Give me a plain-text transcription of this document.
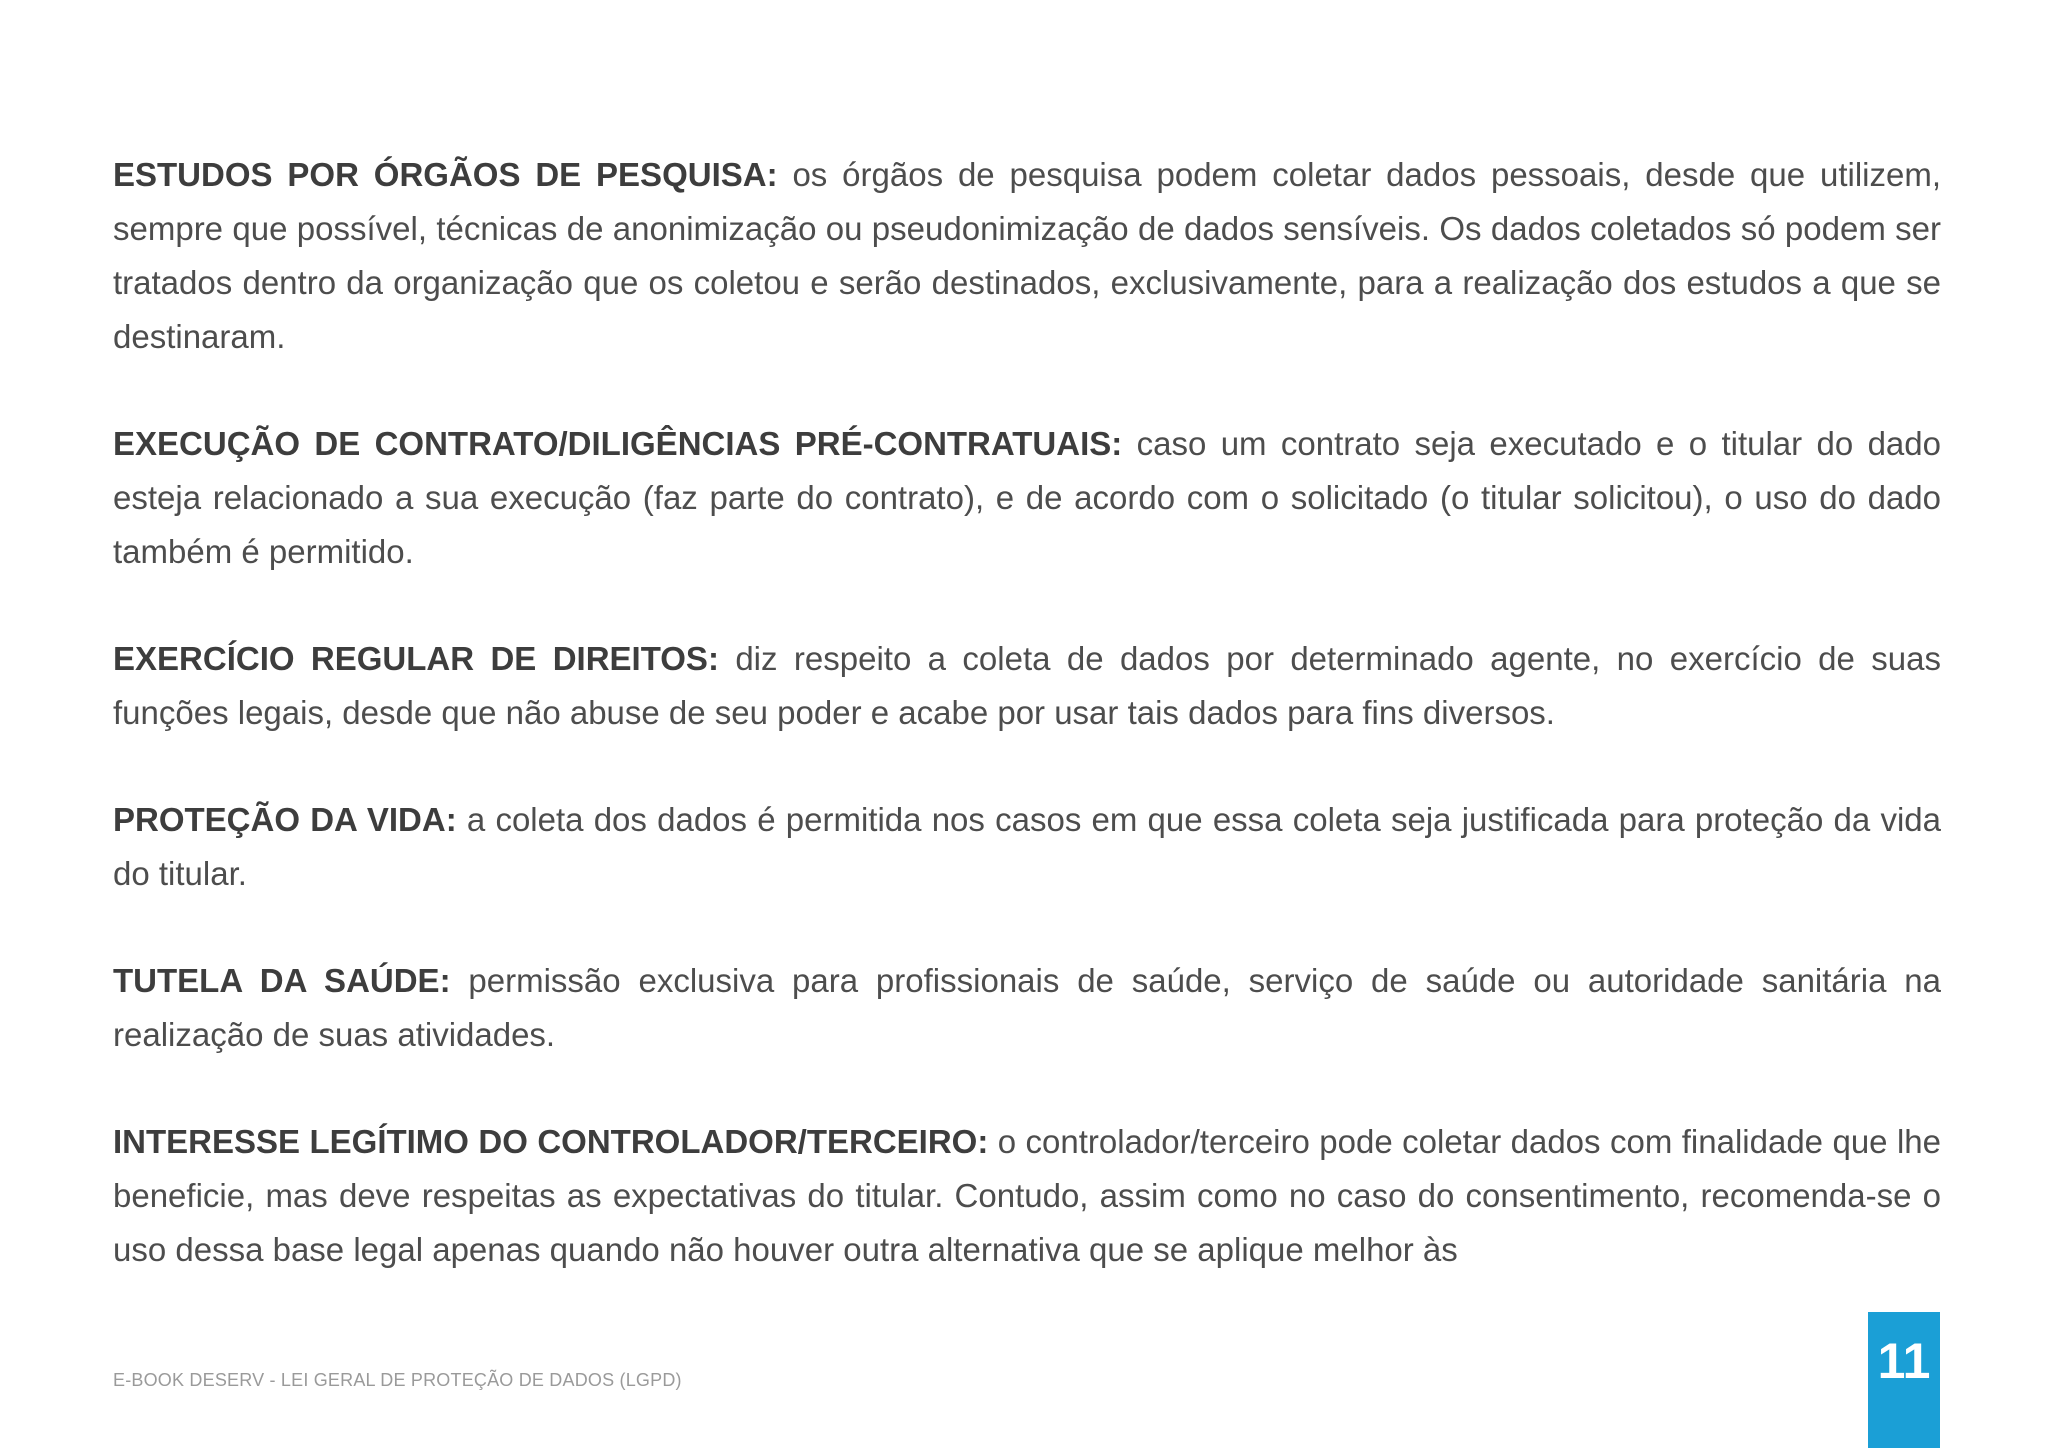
ESTUDOS POR ÓRGÃOS DE PESQUISA: os órgãos de pesquisa podem coletar dados pessoais, desde que utilizem, sempre que possível, técnicas de anonimização ou pseudonimização de dados sensíveis. Os dados coletados só podem ser tratados dentro da organização que os coletou e serão destinados, exclusivamente, para a realização dos estudos a que se destinaram.

EXECUÇÃO DE CONTRATO/DILIGÊNCIAS PRÉ-CONTRATUAIS: caso um contrato seja executado e o titular do dado esteja relacionado a sua execução (faz parte do contrato), e de acordo com o solicitado (o titular solicitou), o uso do dado também é permitido.

EXERCÍCIO REGULAR DE DIREITOS: diz respeito a coleta de dados por determinado agente, no exercício de suas funções legais, desde que não abuse de seu poder e acabe por usar tais dados para fins diversos.

PROTEÇÃO DA VIDA: a coleta dos dados é permitida nos casos em que essa coleta seja justificada para proteção da vida do titular.

TUTELA DA SAÚDE: permissão exclusiva para profissionais de saúde, serviço de saúde ou autoridade sanitária na realização de suas atividades.

INTERESSE LEGÍTIMO DO CONTROLADOR/TERCEIRO: o controlador/terceiro pode coletar dados com finalidade que lhe beneficie, mas deve respeitas as expectativas do titular. Contudo, assim como no caso do consentimento, recomenda-se o uso dessa base legal apenas quando não houver outra alternativa que se aplique melhor às

E-BOOK DESERV - LEI GERAL DE PROTEÇÃO DE DADOS (LGPD)	11
